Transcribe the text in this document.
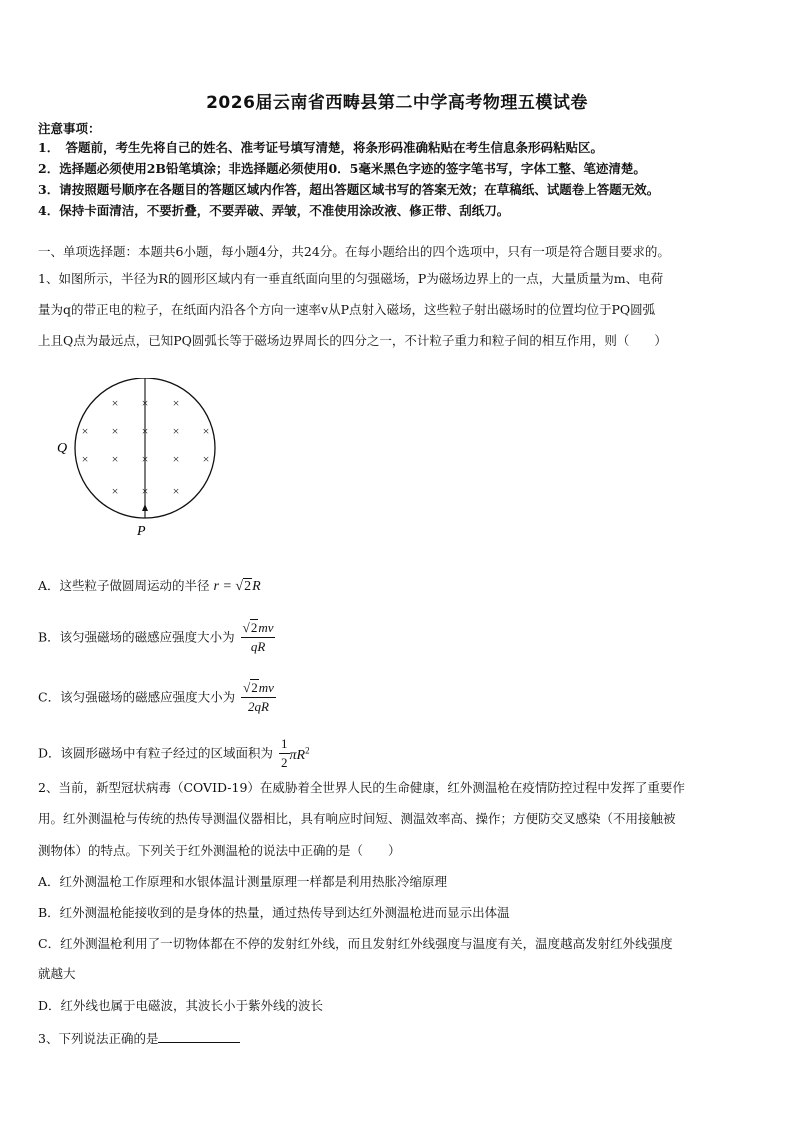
2026届云南省西畴县第二中学高考物理五模试卷
注意事项：
1．　答题前，考生先将自己的姓名、准考证号填写清楚，将条形码准确粘贴在考生信息条形码粘贴区。
2．选择题必须使用2B铅笔填涂；非选择题必须使用0．5毫米黑色字迹的签字笔书写，字体工整、笔迹清楚。
3．请按照题号顺序在各题目的答题区域内作答，超出答题区域书写的答案无效；在草稿纸、试题卷上答题无效。
4．保持卡面清洁，不要折叠，不要弄破、弄皱，不准使用涂改液、修正带、刮纸刀。
一、单项选择题：本题共6小题，每小题4分，共24分。在每小题给出的四个选项中，只有一项是符合题目要求的。
1、如图所示，半径为R的圆形区域内有一垂直纸面向里的匀强磁场，P为磁场边界上的一点，大量质量为m、电荷
量为q的带正电的粒子，在纸面内沿各个方向一速率v从P点射入磁场，这些粒子射出磁场时的位置均位于PQ圆弧
上且Q点为最远点，已知PQ圆弧长等于磁场边界周长的四分之一，不计粒子重力和粒子间的相互作用，则（　　）
× × ×
× × × × ×
× × × × ×
× × ×
Q
P
A．这些粒子做圆周运动的半径 r = √2R
B．该匀强磁场的磁感应强度大小为 $\frac{√2mv}{qR}$
C．该匀强磁场的磁感应强度大小为 $\frac{√2mv}{2qR}$
D．该圆形磁场中有粒子经过的区域面积为 $\frac{1}{2} \pi R^2$
2、当前，新型冠状病毒（COVID-19）在威胁着全世界人民的生命健康，红外测温枪在疫情防控过程中发挥了重要作
用。红外测温枪与传统的热传导测温仪器相比，具有响应时间短、测温效率高、操作；方便防交叉感染（不用接触被
测物体）的特点。下列关于红外测温枪的说法中正确的是（　　）
A．红外测温枪工作原理和水银体温计测量原理一样都是利用热胀冷缩原理
B．红外测温枪能接收到的是身体的热量，通过热传导到达红外测温枪进而显示出体温
C．红外测温枪利用了一切物体都在不停的发射红外线，而且发射红外线强度与温度有关，温度越高发射红外线强度
就越大
D．红外线也属于电磁波，其波长小于紫外线的波长
3、下列说法正确的是
